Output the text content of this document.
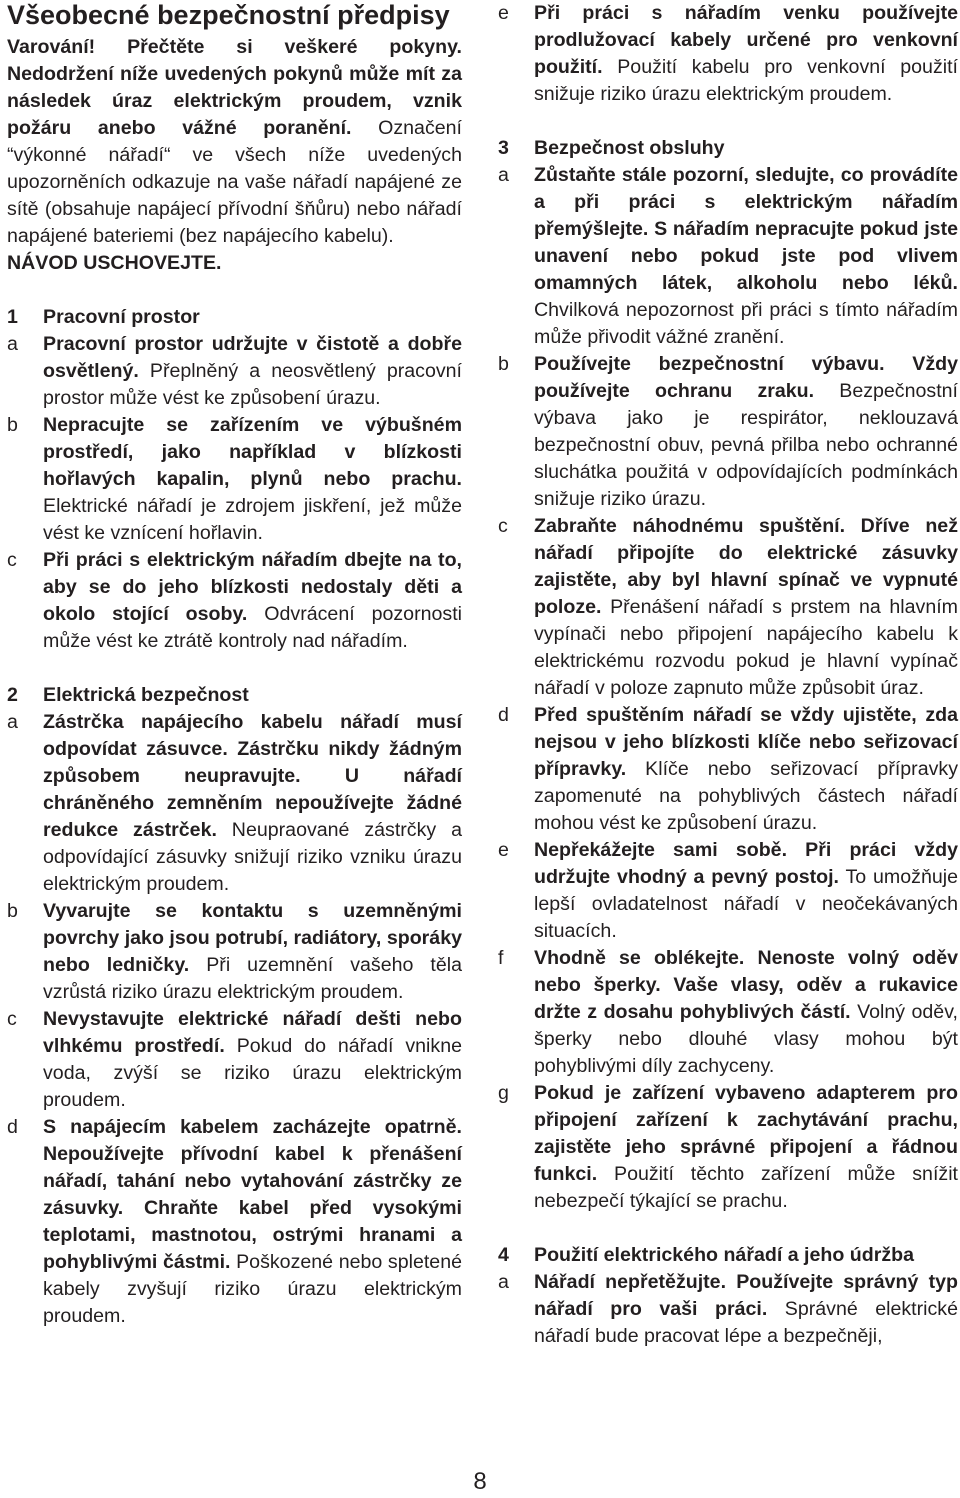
Všeobecné bezpečnostní předpisy

Varování! Přečtěte si veškeré pokyny. Nedodržení níže uvedených pokynů může mít za následek úraz elektrickým proudem, vznik požáru anebo vážné poranění. Označení “výkonné nářadí“ ve všech níže uvedených upozorněních odkazuje na vaše nářadí napájené ze sítě (obsahuje napájecí přívodní šňůru) nebo nářadí napájené bateriemi (bez napájecího kabelu).
NÁVOD USCHOVEJTE.

1	Pracovní prostor
a	Pracovní prostor udržujte v čistotě a dobře osvětlený. Přeplněný a neosvětlený pracovní prostor může vést ke způsobení úrazu.
b	Nepracujte se zařízením ve výbušném prostředí, jako například v blízkosti hořlavých kapalin, plynů nebo prachu. Elektrické nářadí je zdrojem jiskření, jež může vést ke vznícení hořlavin.
c	Při práci s elektrickým nářadím dbejte na to, aby se do jeho blízkosti nedostaly děti a okolo stojící osoby. Odvrácení pozornosti může vést ke ztrátě kontroly nad nářadím.
2	Elektrická bezpečnost
a	Zástrčka napájecího kabelu nářadí musí odpovídat zásuvce. Zástrčku nikdy žádným způsobem neupravujte. U nářadí chráněného zemněním nepoužívejte žádné redukce zástrček. Neupraované zástrčky a odpovídající zásuvky snižují riziko vzniku úrazu elektrickým proudem.
b	Vyvarujte se kontaktu s uzemněnými povrchy jako jsou potrubí, radiátory, sporáky nebo ledničky. Při uzemnění vašeho těla vzrůstá riziko úrazu elektrickým proudem.
c	Nevystavujte elektrické nářadí dešti nebo vlhkému prostředí. Pokud do nářadí vnikne voda, zvýší se riziko úrazu elektrickým proudem.
d	S napájecím kabelem zacházejte opatrně. Nepoužívejte přívodní kabel k přenášení nářadí, tahání nebo vytahování zástrčky ze zásuvky. Chraňte kabel před vysokými teplotami, mastnotou, ostrými hranami a pohyblivými částmi. Poškozené nebo spletené kabely zvyšují riziko úrazu elektrickým proudem.
e	Při práci s nářadím venku používejte prodlužovací kabely určené pro venkovní použití. Použití kabelu pro venkovní použití snižuje riziko úrazu elektrickým proudem.
3	Bezpečnost obsluhy
a	Zůstaňte stále pozorní, sledujte, co provádíte a při práci s elektrickým nářadím přemýšlejte. S nářadím nepracujte pokud jste unavení nebo pokud jste pod vlivem omamných látek, alkoholu nebo léků. Chvilková nepozornost při práci s tímto nářadím může přivodit vážné zranění.
b	Používejte bezpečnostní výbavu. Vždy používejte ochranu zraku. Bezpečnostní výbava jako je respirátor, neklouzavá bezpečnostní obuv, pevná přilba nebo ochranné sluchátka použitá v odpovídajících podmínkách snižuje riziko úrazu.
c	Zabraňte náhodnému spuštění. Dříve než nářadí připojíte do elektrické zásuvky zajistěte, aby byl hlavní spínač ve vypnuté poloze. Přenášení nářadí s prstem na hlavním vypínači nebo připojení napájecího kabelu k elektrickému rozvodu pokud je hlavní vypínač nářadí v poloze zapnuto může způsobit úraz.
d	Před spuštěním nářadí se vždy ujistěte, zda nejsou v jeho blízkosti klíče nebo seřizovací přípravky. Klíče nebo seřizovací přípravky zapomenuté na pohyblivých částech nářadí mohou vést ke způsobení úrazu.
e	Nepřekážejte sami sobě. Při práci vždy udržujte vhodný a pevný postoj. To umožňuje lepší ovladatelnost nářadí v neočekávaných situacích.
f	Vhodně se oblékejte. Nenoste volný oděv nebo šperky. Vaše vlasy, oděv a rukavice držte z dosahu pohyblivých částí. Volný oděv, šperky nebo dlouhé vlasy mohou být pohyblivými díly zachyceny.
g	Pokud je zařízení vybaveno adapterem pro připojení zařízení k zachytávání prachu, zajistěte jeho správné připojení a řádnou funkci. Použití těchto zařízení může snížit nebezpečí týkající se prachu.
4	Použití elektrického nářadí a jeho údržba
a	Nářadí nepřetěžujte. Používejte správný typ nářadí pro vaši práci. Správné elektrické nářadí bude pracovat lépe a bezpečněji,
8
